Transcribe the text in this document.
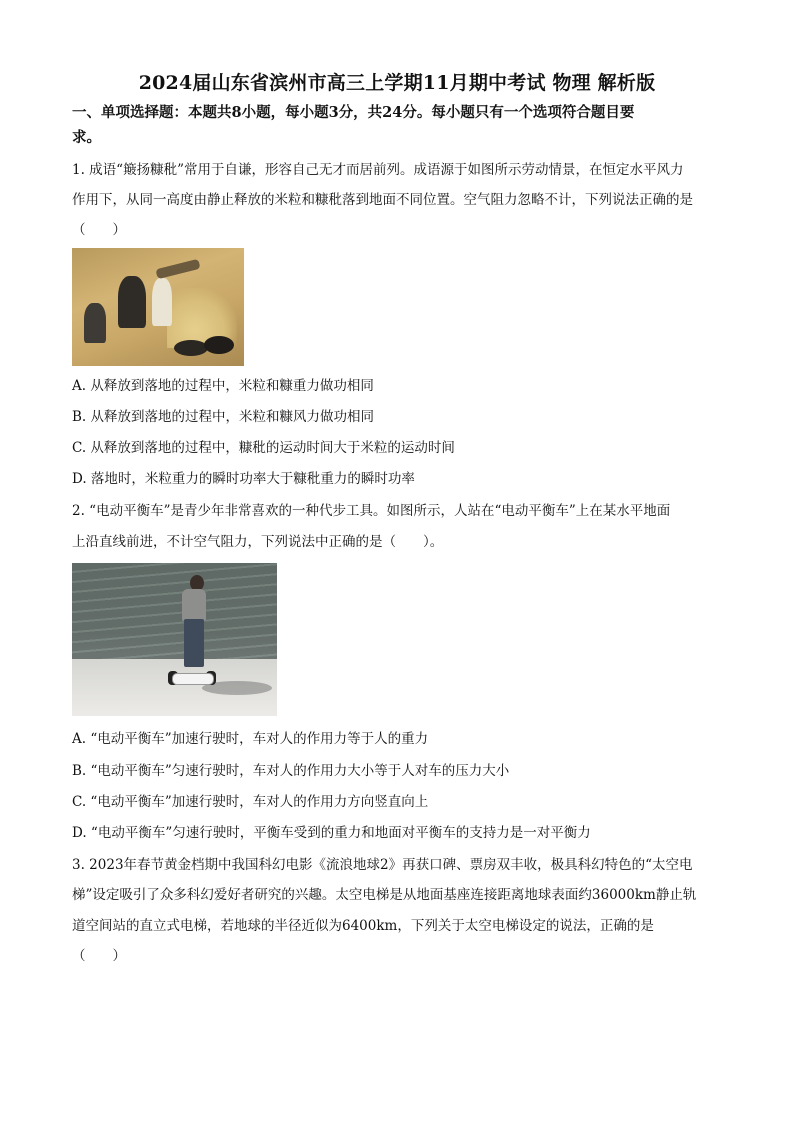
2024届山东省滨州市高三上学期11月期中考试 物理 解析版
一、单项选择题：本题共8小题，每小题3分，共24分。每小题只有一个选项符合题目要
求。
1. 成语“簸扬糠秕”常用于自谦，形容自己无才而居前列。成语源于如图所示劳动情景，在恒定水平风力
作用下，从同一高度由静止释放的米粒和糠秕落到地面不同位置。空气阻力忽略不计，下列说法正确的是
（　　）
A. 从释放到落地的过程中，米粒和糠重力做功相同
B. 从释放到落地的过程中，米粒和糠风力做功相同
C. 从释放到落地的过程中，糠秕的运动时间大于米粒的运动时间
D. 落地时，米粒重力的瞬时功率大于糠秕重力的瞬时功率
2. “电动平衡车”是青少年非常喜欢的一种代步工具。如图所示，人站在“电动平衡车”上在某水平地面
上沿直线前进，不计空气阻力，下列说法中正确的是（　　）。
A. “电动平衡车”加速行驶时，车对人的作用力等于人的重力
B. “电动平衡车”匀速行驶时，车对人的作用力大小等于人对车的压力大小
C. “电动平衡车”加速行驶时，车对人的作用力方向竖直向上
D. “电动平衡车”匀速行驶时，平衡车受到的重力和地面对平衡车的支持力是一对平衡力
3. 2023年春节黄金档期中我国科幻电影《流浪地球2》再获口碑、票房双丰收，极具科幻特色的“太空电
梯”设定吸引了众多科幻爱好者研究的兴趣。太空电梯是从地面基座连接距离地球表面约36000km静止轨
道空间站的直立式电梯，若地球的半径近似为6400km，下列关于太空电梯设定的说法，正确的是
（　　）
